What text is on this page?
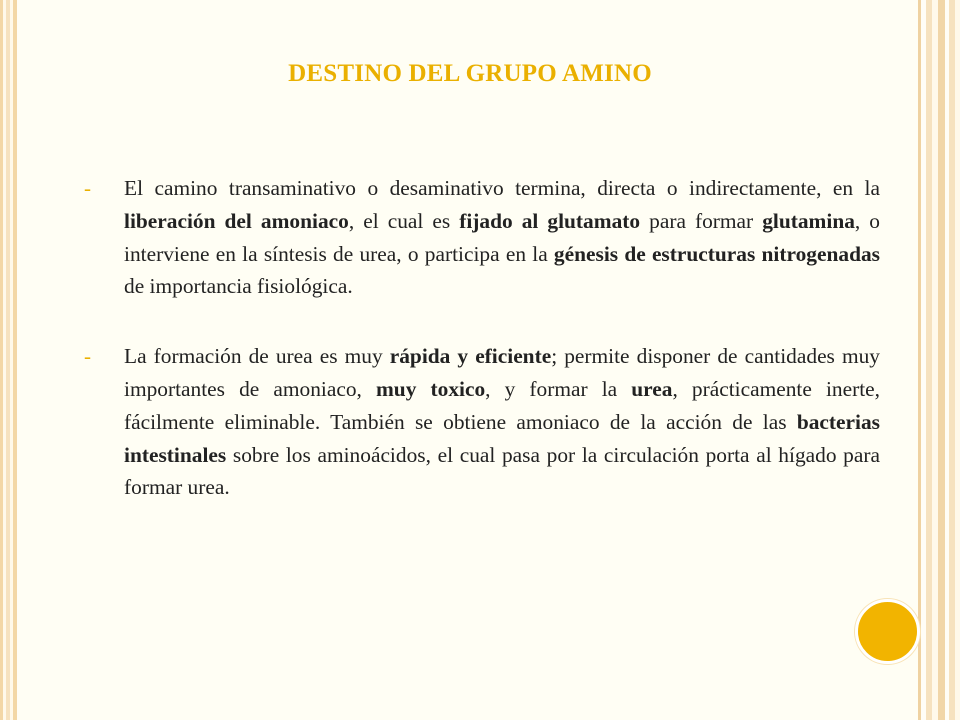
DESTINO DEL GRUPO AMINO
-	El camino transaminativo o desaminativo termina, directa o indirectamente, en la liberación del amoniaco, el cual es fijado al glutamato para formar glutamina, o interviene en la síntesis de urea, o participa en la génesis de estructuras nitrogenadas de importancia fisiológica.
-	La formación de urea es muy rápida y eficiente; permite disponer de cantidades muy importantes de amoniaco, muy toxico, y formar la urea, prácticamente inerte, fácilmente eliminable. También se obtiene amoniaco de la acción de las bacterias intestinales sobre los aminoácidos, el cual pasa por la circulación porta al hígado para formar urea.
